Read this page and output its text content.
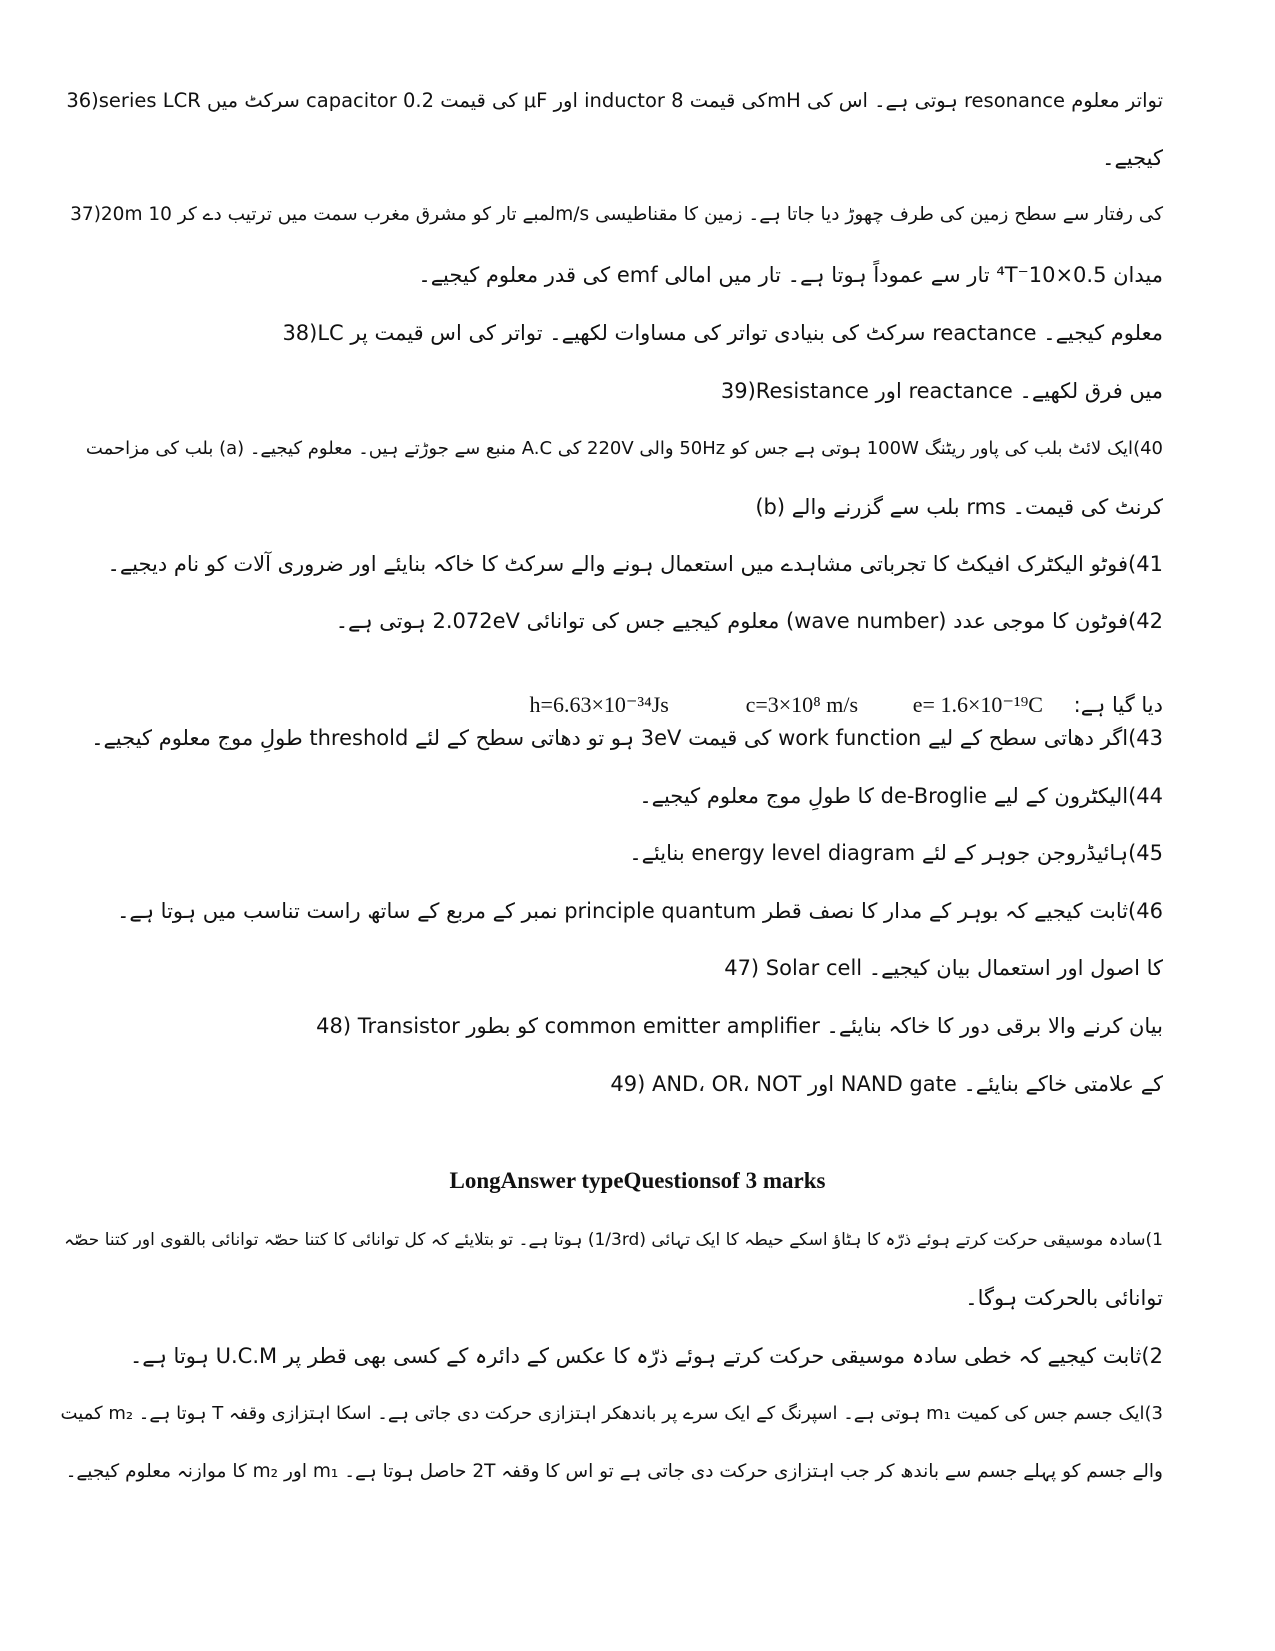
36)series LCR سرکٹ میں capacitor کی قیمت 0.2 μF اور inductor کی قیمت 8mH ہوتی ہے۔ اس کی resonance تواتر معلوم
کیجیے۔
37)20m لمبے تار کو مشرق مغرب سمت میں ترتیب دے کر 10m/s کی رفتار سے سطح زمین کی طرف چھوڑ دیا جاتا ہے۔ زمین کا مقناطیسی
میدان 0.5×10⁻⁴T تار سے عموداً ہوتا ہے۔ تار میں امالی emf کی قدر معلوم کیجیے۔
38)LC سرکٹ کی بنیادی تواتر کی مساوات لکھیے۔ تواتر کی اس قیمت پر reactance معلوم کیجیے۔
39)Resistance اور reactance میں فرق لکھیے۔
40)ایک لائٹ بلب کی پاور ریٹنگ 100W ہوتی ہے جس کو 50Hz والی 220V کی A.C منبع سے جوڑتے ہیں۔ معلوم کیجیے۔ (a) بلب کی مزاحمت
(b) بلب سے گزرنے والے rms کرنٹ کی قیمت۔
41)فوٹو الیکٹرک افیکٹ کا تجرباتی مشاہدے میں استعمال ہونے والے سرکٹ کا خاکہ بنایئے اور ضروری آلات کو نام دیجیے۔
42)فوٹون کا موجی عدد (wave number) معلوم کیجیے جس کی توانائی 2.072eV ہوتی ہے۔
دیا گیا ہے: e= 1.6×10⁻¹⁹C c=3×10⁸ m/s h=6.63×10⁻³⁴Js
43)اگر دھاتی سطح کے لیے work function کی قیمت 3eV ہو تو دھاتی سطح کے لئے threshold طولِ موج معلوم کیجیے۔
44)الیکٹرون کے لیے de-Broglie کا طولِ موج معلوم کیجیے۔
45)ہائیڈروجن جوہر کے لئے energy level diagram بنایئے۔
46)ثابت کیجیے کہ بوہر کے مدار کا نصف قطر principle quantum نمبر کے مربع کے ساتھ راست تناسب میں ہوتا ہے۔
47) Solar cell کا اصول اور استعمال بیان کیجیے۔
48) Transistor کو بطور common emitter amplifier بیان کرنے والا برقی دور کا خاکہ بنایئے۔
49) AND، OR، NOT اور NAND gate کے علامتی خاکے بنایئے۔
LongAnswer typeQuestionsof 3 marks
1)سادہ موسیقی حرکت کرتے ہوئے ذرّہ کا ہٹاؤ اسکے حیطہ کا ایک تہائی (1/3rd) ہوتا ہے۔ تو بتلایئے کہ کل توانائی کا کتنا حصّہ توانائی بالقوی اور کتنا حصّہ
توانائی بالحرکت ہوگا۔
2)ثابت کیجیے کہ خطی سادہ موسیقی حرکت کرتے ہوئے ذرّہ کا عکس کے دائرہ کے کسی بھی قطر پر U.C.M ہوتا ہے۔
3)ایک جسم جس کی کمیت m₁ ہوتی ہے۔ اسپرنگ کے ایک سرے پر باندھکر اہتزازی حرکت دی جاتی ہے۔ اسکا اہتزازی وقفہ T ہوتا ہے۔ m₂ کمیت
والے جسم کو پہلے جسم سے باندھ کر جب اہتزازی حرکت دی جاتی ہے تو اس کا وقفہ 2T حاصل ہوتا ہے۔ m₁ اور m₂ کا موازنہ معلوم کیجیے۔
